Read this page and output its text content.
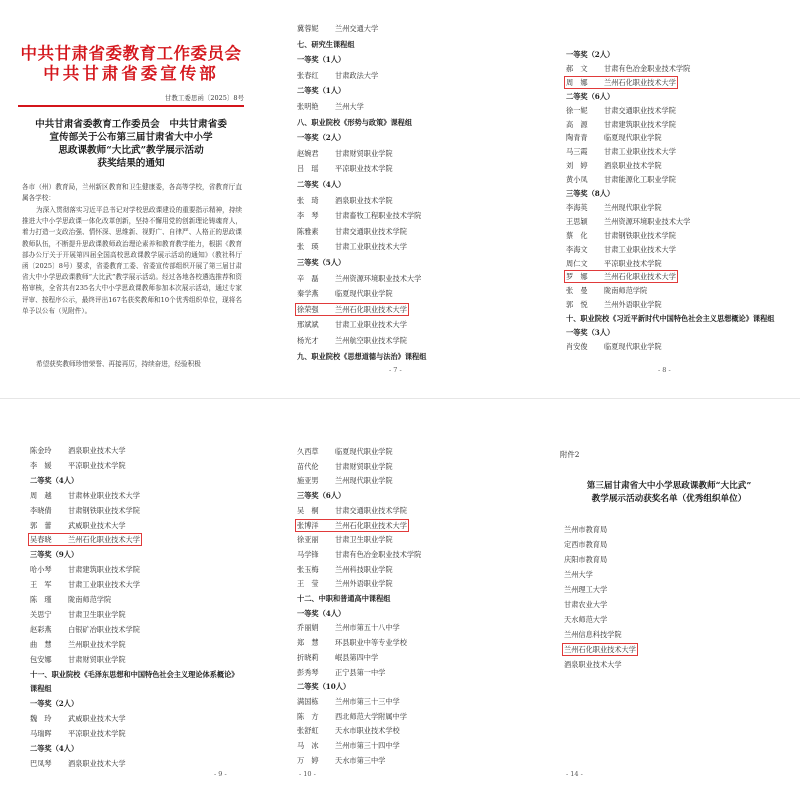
中共甘肃省委教育工作委员会
中共甘肃省委宣传部
甘教工委思函〔2025〕8号
中共甘肃省委教育工作委员会　中共甘肃省委
宣传部关于公布第三届甘肃省大中小学
思政课教师“大比武”教学展示活动
获奖结果的通知
各市（州）教育局，兰州新区教育和卫生健康委，各高等学校，省教育厅直属各学校：
为深入贯彻落实习近平总书记对学校思政课建设的重要指示精神，持续推进大中小学思政课一体化改革创新，坚持不懈用党的创新理论铸魂育人，着力打造一支政治强、情怀深、思维新、视野广、自律严、人格正的思政课教师队伍，不断提升思政课教师政治理论素养和教育教学能力，根据《教育部办公厅关于开展第四届全国高校思政课教学展示活动的通知》（教社科厅函〔2025〕8号）要求，省委教育工委、省委宣传部组织开展了第三届甘肃省大中小学思政课教师“大比武”教学展示活动。经过各地各校遴选推荐和资格审核，全省共有235名大中小学思政课教师参加本次展示活动，通过专家评审、按程序公示，最终评出167名获奖教师和10个优秀组织单位，现将名单予以公布（见附件）。
希望获奖教师珍惜荣誉、再接再厉，持续奋进，经验积极
- 7 -
冀蓉妮 兰州交通大学
七、研究生课程组
一等奖（1人）
张春红 甘肃政法大学
二等奖（1人）
张明艳 兰州大学
八、职业院校《形势与政策》课程组
一等奖（2人）
赵婉君 甘肃财贸职业学院
吕　瑶 平凉职业技术学院
二等奖（4人）
张　琦 酒泉职业技术学院
李　琴 甘肃畜牧工程职业技术学院
陈雅素 甘肃交通职业技术学院
张　瑛 甘肃工业职业技术大学
三等奖（5人）
辛　磊 兰州资源环境职业技术大学
秦学燕 临夏现代职业学院
徐荣强 兰州石化职业技术大学
邢斌斌 甘肃工业职业技术大学
杨光才 兰州航空职业技术学院
九、职业院校《思想道德与法治》课程组
- 8 -
一等奖（2人）
郝　文 甘肃有色冶金职业技术学院
周　娜 兰州石化职业技术大学
二等奖（6人）
徐一妮 甘肃交通职业技术学院
高　源 甘肃建筑职业技术学院
陶青青 临夏现代职业学院
马三霞 甘肃工业职业技术大学
刘　婷 酒泉职业技术学院
黄小凤 甘肃能源化工职业学院
三等奖（8人）
李海英 兰州现代职业学院
王思颖 兰州资源环境职业技术大学
蔡　化 甘肃钢铁职业技术学院
李海文 甘肃工业职业技术大学
周仁文 平凉职业技术学院
罗　娜 兰州石化职业技术大学
张　曼 陇南师范学院
郭　悦 兰州外语职业学院
十、职业院校《习近平新时代中国特色社会主义思想概论》课程组
一等奖（3人）
肖安俊 临夏现代职业学院
- 9 -
陈金玲 酒泉职业技术大学
李　媛 平凉职业技术学院
二等奖（4人）
周　越 甘肃林业职业技术大学
李晓倩 甘肃钢铁职业技术学院
郭　蕾 武威职业技术大学
吴春晓 兰州石化职业技术大学
三等奖（9人）
哈小琴 甘肃建筑职业技术学院
王　军 甘肃工业职业技术大学
陈　瑾 陇南师范学院
关思宁 甘肃卫生职业学院
赵彩燕 白银矿冶职业技术学院
曲　慧 兰州职业技术学院
包安娜 甘肃财贸职业学院
十一、职业院校《毛泽东思想和中国特色社会主义理论体系概论》
课程组
一等奖（2人）
魏　玲 武威职业技术大学
马瑞晖 平凉职业技术学院
二等奖（4人）
巴凤琴 酒泉职业技术大学
- 10 -
久西草 临夏现代职业学院
苗代伦 甘肃财贸职业学院
施亚男 兰州现代职业学院
三等奖（6人）
吴　桐 甘肃交通职业技术学院
张博洋 兰州石化职业技术大学
徐亚丽 甘肃卫生职业学院
马学锋 甘肃有色冶金职业技术学院
张玉梅 兰州科技职业学院
王　莹 兰州外语职业学院
十二、中职和普通高中课程组
一等奖（4人）
乔丽娟 兰州市第五十八中学
郑　慧 环县职业中等专业学校
折晓莉 岷县第四中学
彭秀琴 正宁县第一中学
二等奖（10人）
满国栋 兰州市第三十三中学
陈　方 西北师范大学附属中学
张舒虹 天水市职业技术学校
马　冰 兰州市第三十四中学
万　婷 天水市第三中学
附件2
第三届甘肃省大中小学思政课教师“大比武”
教学展示活动获奖名单（优秀组织单位）
- 14 -
兰州市教育局
定西市教育局
庆阳市教育局
兰州大学
兰州理工大学
甘肃农业大学
天水师范大学
兰州信息科技学院
兰州石化职业技术大学
酒泉职业技术大学
